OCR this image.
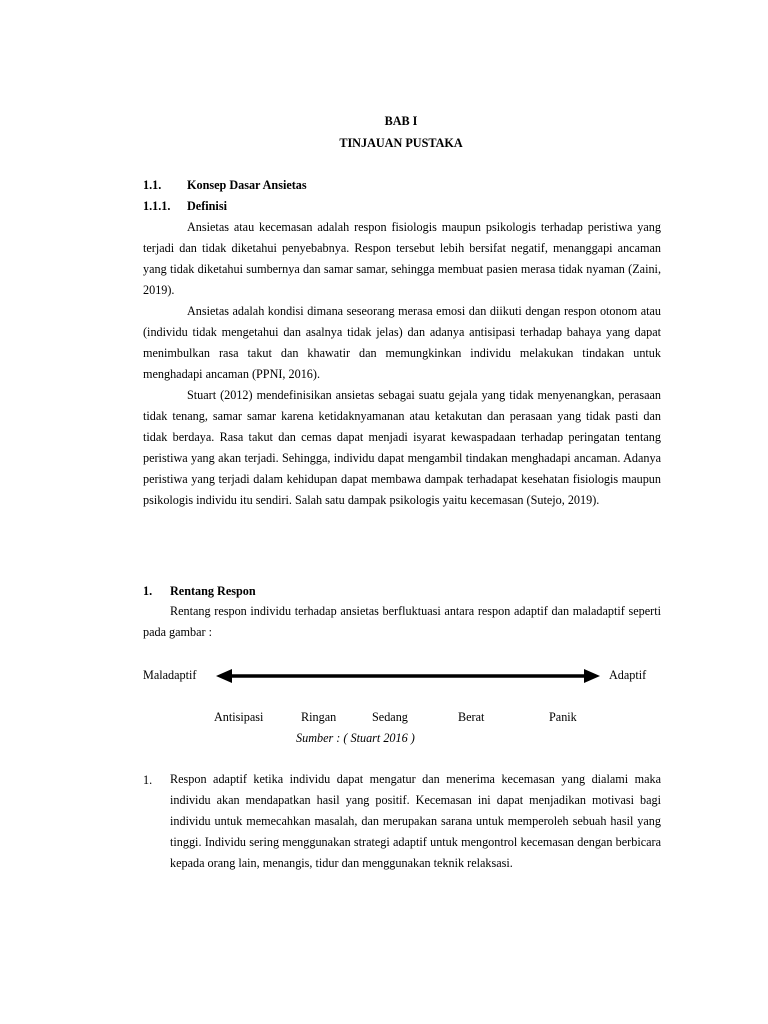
BAB I
TINJAUAN PUSTAKA
1.1. Konsep Dasar Ansietas
1.1.1. Definisi

Ansietas atau kecemasan adalah respon fisiologis maupun psikologis terhadap peristiwa yang terjadi dan tidak diketahui penyebabnya. Respon tersebut lebih bersifat negatif, menanggapi ancaman yang tidak diketahui sumbernya dan samar samar, sehingga membuat pasien merasa tidak nyaman (Zaini, 2019).

Ansietas adalah kondisi dimana seseorang merasa emosi dan diikuti dengan respon otonom atau (individu tidak mengetahui dan asalnya tidak jelas) dan adanya antisipasi terhadap bahaya yang dapat menimbulkan rasa takut dan khawatir dan memungkinkan individu melakukan tindakan untuk menghadapi ancaman (PPNI, 2016).

Stuart (2012) mendefinisikan ansietas sebagai suatu gejala yang tidak menyenangkan, perasaan tidak tenang, samar samar karena ketidaknyamanan atau ketakutan dan perasaan yang tidak pasti dan tidak berdaya. Rasa takut dan cemas dapat menjadi isyarat kewaspadaan terhadap peringatan tentang peristiwa yang akan terjadi. Sehingga, individu dapat mengambil tindakan menghadapi ancaman. Adanya peristiwa yang terjadi dalam kehidupan dapat membawa dampak terhadapat kesehatan fisiologis maupun psikologis individu itu sendiri. Salah satu dampak psikologis yaitu kecemasan (Sutejo, 2019).

1. Rentang Respon

Rentang respon individu terhadap ansietas berfluktuasi antara respon adaptif dan maladaptif seperti pada gambar :

Maladaptif	Adaptif
Antisipasi	Ringan	Sedang	Berat	Panik
Sumber : ( Stuart 2016 )
1. Respon adaptif ketika individu dapat mengatur dan menerima kecemasan yang dialami maka individu akan mendapatkan hasil yang positif. Kecemasan ini dapat menjadikan motivasi bagi individu untuk memecahkan masalah, dan merupakan sarana untuk memperoleh sebuah hasil yang tinggi. Individu sering menggunakan strategi adaptif untuk mengontrol kecemasan dengan berbicara kepada orang lain, menangis, tidur dan menggunakan teknik relaksasi.
